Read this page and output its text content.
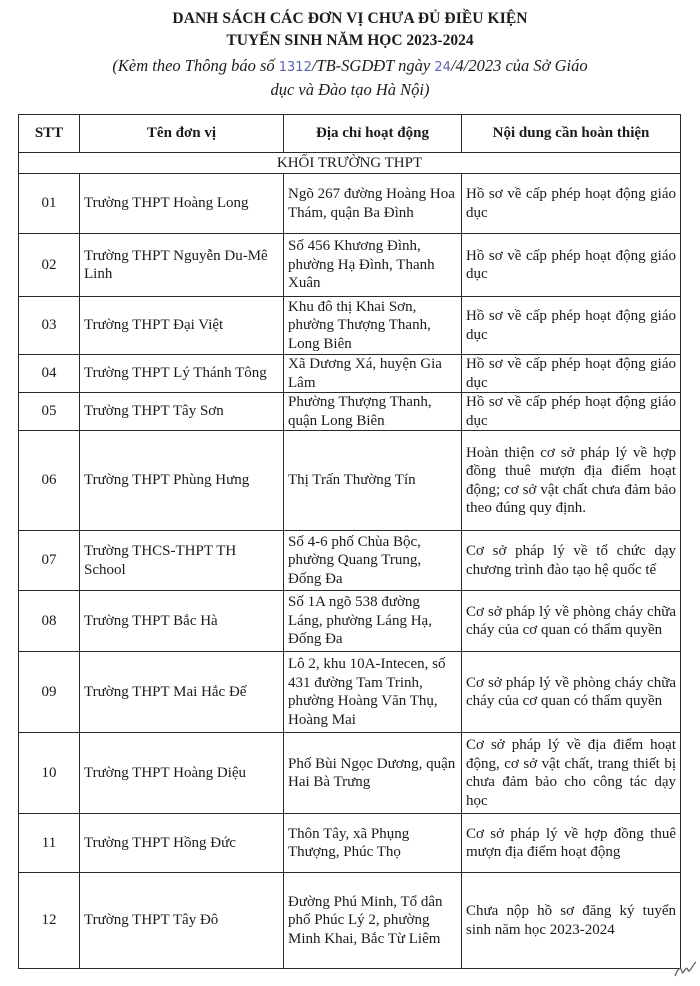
DANH SÁCH CÁC ĐƠN VỊ CHƯA ĐỦ ĐIỀU KIỆN
TUYỂN SINH NĂM HỌC 2023-2024
(Kèm theo Thông báo số 1312/TB-SGDĐT ngày 24/4/2023 của Sở Giáo
dục và Đào tạo Hà Nội)
STT	Tên đơn vị	Địa chỉ hoạt động	Nội dung cần hoàn thiện
KHỐI TRƯỜNG THPT			
01	Trường THPT Hoàng Long	Ngõ 267 đường Hoàng Hoa Thám, quận Ba Đình	Hồ sơ về cấp phép hoạt động giáo dục
02	Trường THPT Nguyễn Du-Mê Linh	Số 456 Khương Đình, phường Hạ Đình, Thanh Xuân	Hồ sơ về cấp phép hoạt động giáo dục
03	Trường THPT Đại Việt	Khu đô thị Khai Sơn, phường Thượng Thanh, Long Biên	Hồ sơ về cấp phép hoạt động giáo dục
04	Trường THPT Lý Thánh Tông	Xã Dương Xá, huyện Gia Lâm	Hồ sơ về cấp phép hoạt động giáo dục
05	Trường THPT Tây Sơn	Phường Thượng Thanh, quận Long Biên	Hồ sơ về cấp phép hoạt động giáo dục
06	Trường THPT Phùng Hưng	Thị Trấn Thường Tín	Hoàn thiện cơ sở pháp lý về hợp đồng thuê mượn địa điểm hoạt động; cơ sở vật chất chưa đảm bảo theo đúng quy định.
07	Trường THCS-THPT TH School	Số 4-6 phố Chùa Bộc, phường Quang Trung, Đống Đa	Cơ sở pháp lý về tổ chức dạy chương trình đào tạo hệ quốc tế
08	Trường THPT Bắc Hà	Số 1A ngõ 538 đường Láng, phường Láng Hạ, Đống Đa	Cơ sở pháp lý về phòng cháy chữa cháy của cơ quan có thẩm quyền
09	Trường THPT Mai Hắc Đế	Lô 2, khu 10A-Intecen, số 431 đường Tam Trinh, phường Hoàng Văn Thụ, Hoàng Mai	Cơ sở pháp lý về phòng cháy chữa cháy của cơ quan có thẩm quyền
10	Trường THPT Hoàng Diệu	Phố Bùi Ngọc Dương, quận Hai Bà Trưng	Cơ sở pháp lý về địa điểm hoạt động, cơ sở vật chất, trang thiết bị chưa đảm bảo cho công tác dạy học
11	Trường THPT Hồng Đức	Thôn Tây, xã Phụng Thượng, Phúc Thọ	Cơ sở pháp lý về hợp đồng thuê mượn địa điểm hoạt động
12	Trường THPT Tây Đô	Đường Phú Minh, Tổ dân phố Phúc Lý 2, phường Minh Khai, Bắc Từ Liêm	Chưa nộp hồ sơ đăng ký tuyển sinh năm học 2023-2024
